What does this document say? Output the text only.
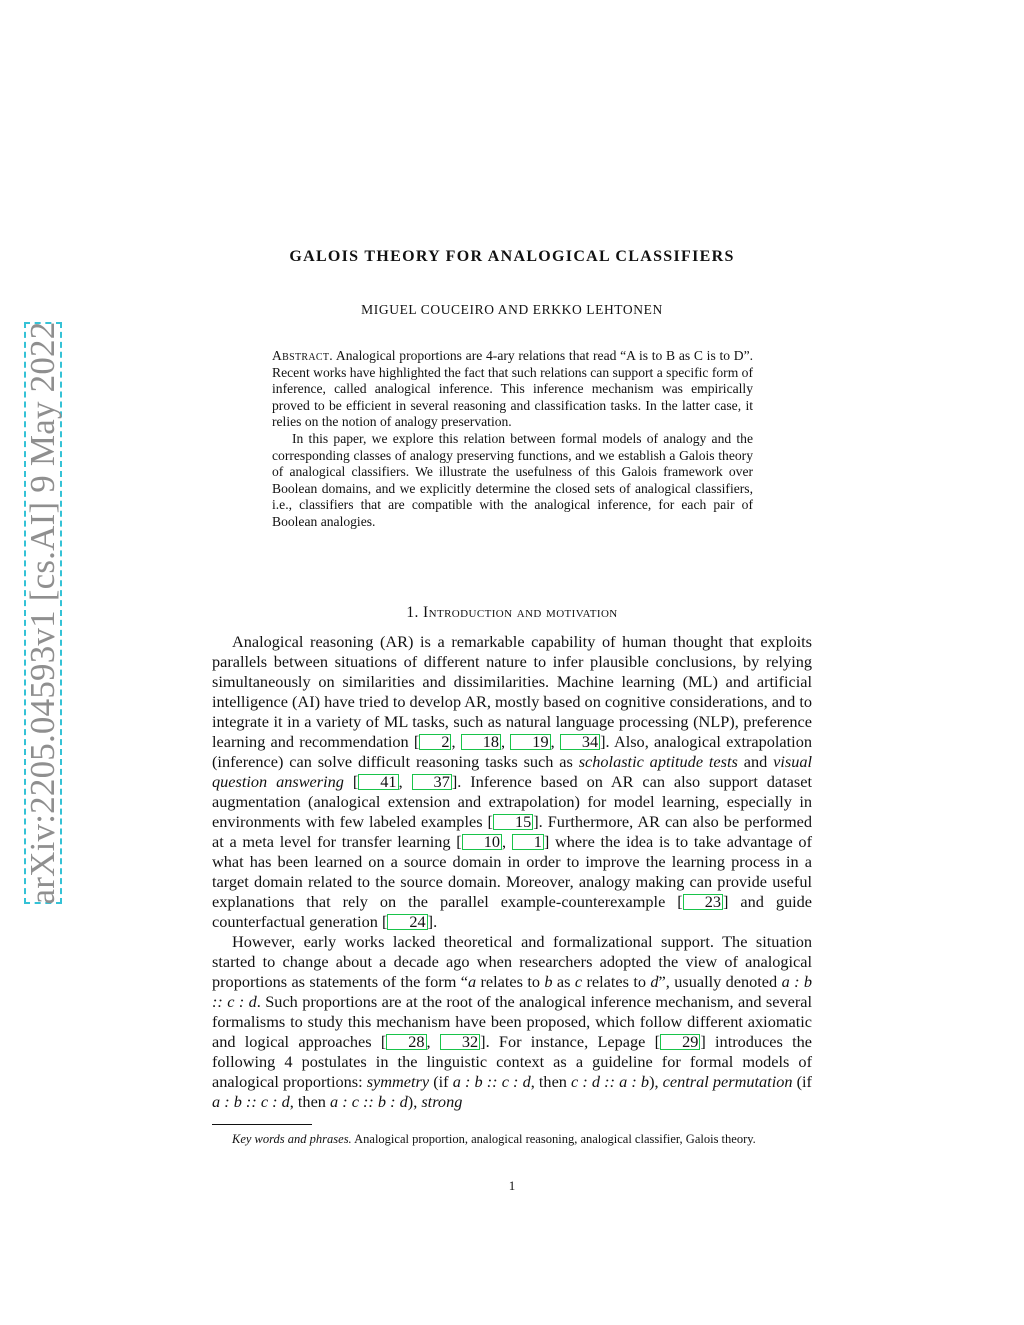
arXiv:2205.04593v1 [cs.AI] 9 May 2022
GALOIS THEORY FOR ANALOGICAL CLASSIFIERS
MIGUEL COUCEIRO AND ERKKO LEHTONEN

Abstract. Analogical proportions are 4-ary relations that read “A is to B as C is to D”. Recent works have highlighted the fact that such relations can support a specific form of inference, called analogical inference. This inference mechanism was empirically proved to be efficient in several reasoning and classification tasks. In the latter case, it relies on the notion of analogy preservation.

In this paper, we explore this relation between formal models of analogy and the corresponding classes of analogy preserving functions, and we establish a Galois theory of analogical classifiers. We illustrate the usefulness of this Galois framework over Boolean domains, and we explicitly determine the closed sets of analogical classifiers, i.e., classifiers that are compatible with the analogical inference, for each pair of Boolean analogies.

1. Introduction and motivation

Analogical reasoning (AR) is a remarkable capability of human thought that exploits parallels between situations of different nature to infer plausible conclusions, by relying simultaneously on similarities and dissimilarities. Machine learning (ML) and artificial intelligence (AI) have tried to develop AR, mostly based on cognitive considerations, and to integrate it in a variety of ML tasks, such as natural language processing (NLP), preference learning and recommendation [ 2 , 18 , 19 , 34 ]. Also, analogical extrapolation (inference) can solve difficult reasoning tasks such as scholastic aptitude tests and visual question answering [ 41 , 37 ]. Inference based on AR can also support dataset augmentation (analogical extension and extrapolation) for model learning, especially in environments with few labeled examples [ 15 ]. Furthermore, AR can also be performed at a meta level for transfer learning [ 10 , 1 ] where the idea is to take advantage of what has been learned on a source domain in order to improve the learning process in a target domain related to the source domain. Moreover, analogy making can provide useful explanations that rely on the parallel example-counterexample [ 23 ] and guide counterfactual generation [ 24 ].

However, early works lacked theoretical and formalizational support. The situation started to change about a decade ago when researchers adopted the view of analogical proportions as statements of the form “a relates to b as c relates to d”, usually denoted a : b :: c : d. Such proportions are at the root of the analogical inference mechanism, and several formalisms to study this mechanism have been proposed, which follow different axiomatic and logical approaches [ 28 , 32 ]. For instance, Lepage [ 29 ] introduces the following 4 postulates in the linguistic context as a guideline for formal models of analogical proportions: symmetry (if a : b :: c : d, then c : d :: a : b), central permutation (if a : b :: c : d, then a : c :: b : d), strong

Key words and phrases. Analogical proportion, analogical reasoning, analogical classifier, Galois theory.

1
